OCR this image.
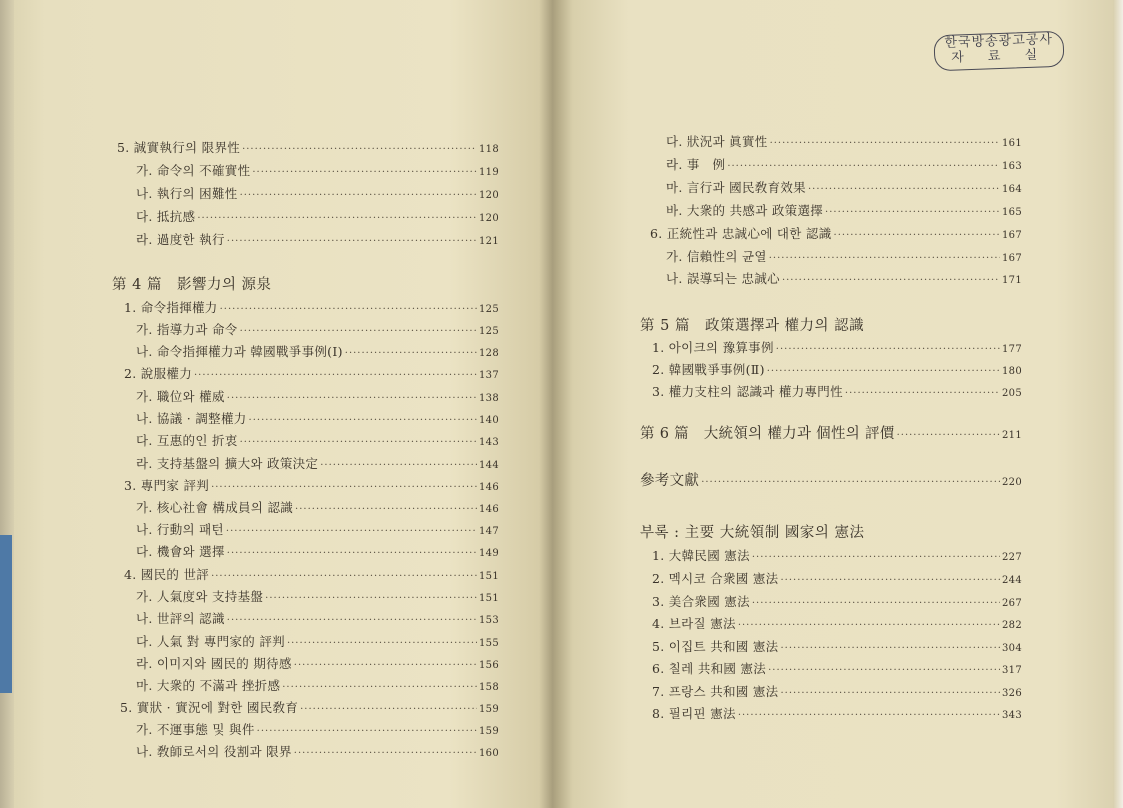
5. 誠實執行의 限界性 ·····	118
가. 命令의 不確實性 ·····	119
나. 執行의 困難性 ·····	120
다. 抵抗感 ·····	120
라. 過度한 執行 ·····	121
第 4 篇　影響力의 源泉
1. 命令指揮權力 ·····	125
가. 指導力과 命令 ·····	125
나. 命令指揮權力과 韓國戰爭事例(Ⅰ) ·····	128
2. 說服權力 ·····	137
가. 職位와 權威 ·····	138
나. 協議 · 調整權力 ·····	140
다. 互惠的인 折衷 ·····	143
라. 支持基盤의 擴大와 政策決定 ·····	144
3. 專門家 評判 ·····	146
가. 核心社會 構成員의 認識 ·····	146
나. 行動의 패턴 ·····	147
다. 機會와 選擇 ·····	149
4. 國民的 世評 ·····	151
가. 人氣度와 支持基盤 ·····	151
나. 世評의 認識 ·····	153
다. 人氣 對 專門家的 評判 ·····	155
라. 이미지와 國民的 期待感 ·····	156
마. 大衆的 不滿과 挫折感 ·····	158
5. 實狀 · 實況에 對한 國民敎育 ·····	159
가. 不運事態 및 與件 ·····	159
나. 敎師로서의 役割과 限界 ·····	160
한국방송광고공사
자 료 실
다. 狀況과 眞實性 ·····	161
라. 事　例 ·····	163
마. 言行과 國民敎育效果 ·····	164
바. 大衆的 共感과 政策選擇 ·····	165
6. 正統性과 忠誠心에 대한 認識 ·····	167
가. 信賴性의 균열 ·····	167
나. 誤導되는 忠誠心 ·····	171
第 5 篇　政策選擇과 權力의 認識
1. 아이크의 豫算事例 ·····	177
2. 韓國戰爭事例(Ⅱ) ·····	180
3. 權力支柱의 認識과 權力專門性 ·····	205
第 6 篇　大統領의 權力과 個性의 評價 ·····	211
參考文獻 ·····	220
부록 : 主要 大統領制 國家의 憲法
1. 大韓民國 憲法 ·····	227
2. 멕시코 合衆國 憲法 ·····	244
3. 美合衆國 憲法 ·····	267
4. 브라질 憲法 ·····	282
5. 이집트 共和國 憲法 ·····	304
6. 칠레 共和國 憲法 ·····	317
7. 프랑스 共和國 憲法 ·····	326
8. 필리핀 憲法 ·····	343
